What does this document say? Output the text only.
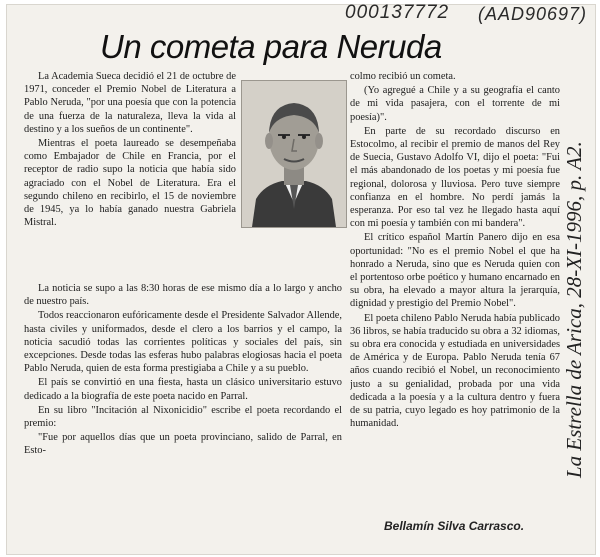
000137772 (AAD90697)
La Estrella de Arica, 28-XI-1996, p. A2.
Un cometa para Neruda

La Academia Sueca decidió el 21 de octubre de 1971, conceder el Premio Nobel de Literatura a Pablo Neruda, "por una poesía que con la potencia de una fuerza de la naturaleza, lleva la vida al destino y a los sueños de un continente".

Mientras el poeta laureado se desempeñaba como Embajador de Chile en Francia, por el receptor de radio supo la noticia que había sido agraciado con el Nobel de Literatura. Era el segundo chileno en recibirlo, el 15 de noviembre de 1945, ya lo había ganado nuestra Gabriela Mistral.

La noticia se supo a las 8:30 horas de ese mismo día a lo largo y ancho de nuestro país.

Todos reaccionaron eufóricamente desde el Presidente Salvador Allende, hasta civiles y uniformados, desde el clero a los barrios y el campo, la noticia sacudió todas las corrientes políticas y sociales del país, sin excepciones. Desde todas las esferas hubo palabras elogiosas hacia el poeta Pablo Neruda, quien de esta forma prestigiaba a Chile y a su pueblo.

El país se convirtió en una fiesta, hasta un clásico universitario estuvo dedicado a la biografía de este poeta nacido en Parral.

En su libro "Incitación al Nixonicidio" escribe el poeta recordando el premio:

"Fue por aquellos días que un poeta provinciano, salido de Parral, en Esto-

colmo recibió un cometa.

(Yo agregué a Chile y a su geografía el canto de mi vida pasajera, con el torrente de mi poesía)".

En parte de su recordado discurso en Estocolmo, al recibir el premio de manos del Rey de Suecia, Gustavo Adolfo VI, dijo el poeta: "Fui el más abandonado de los poetas y mi poesía fue regional, dolorosa y lluviosa. Pero tuve siempre confianza en el hombre. No perdí jamás la esperanza. Por eso tal vez he llegado hasta aquí con mi poesía y también con mi bandera".

El crítico español Martín Panero dijo en esa oportunidad: "No es el premio Nobel el que ha honrado a Neruda, sino que es Neruda quien con el portentoso orbe poético y humano encarnado en su obra, ha elevado a mayor altura la jerarquía, dignidad y prestigio del Premio Nobel".

El poeta chileno Pablo Neruda había publicado 36 libros, se había traducido su obra a 32 idiomas, su obra era conocida y estudiada en universidades de América y de Europa. Pablo Neruda tenía 67 años cuando recibió el Nobel, un reconocimiento justo a su genialidad, probada por una vida dedicada a la poesía y a la cultura dentro y fuera de su patria, cuyo legado es hoy patrimonio de la humanidad.

Bellamín Silva Carrasco.
